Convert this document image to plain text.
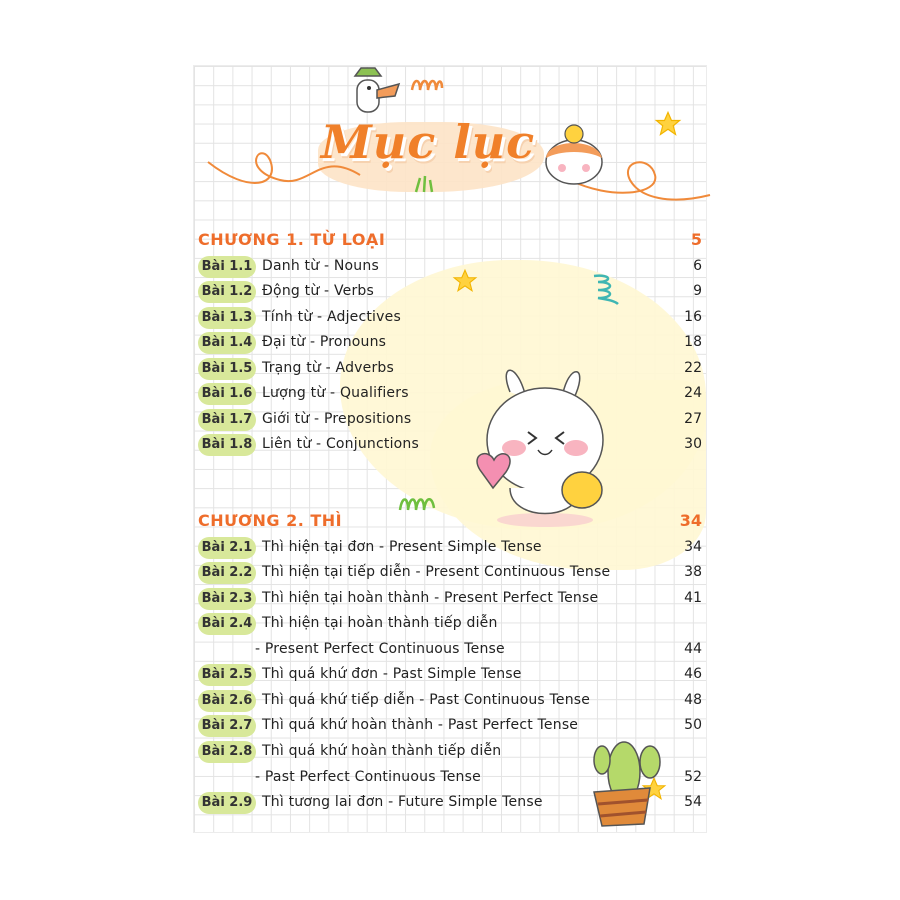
Mục lục
CHƯƠNG 1. TỪ LOẠI	5
Bài 1.1 Danh từ - Nouns	6
Bài 1.2 Động từ - Verbs	9
Bài 1.3 Tính từ - Adjectives	16
Bài 1.4 Đại từ - Pronouns	18
Bài 1.5 Trạng từ - Adverbs	22
Bài 1.6 Lượng từ - Qualifiers	24
Bài 1.7 Giới từ - Prepositions	27
Bài 1.8 Liên từ - Conjunctions	30
CHƯƠNG 2. THÌ	34
Bài 2.1 Thì hiện tại đơn - Present Simple Tense	34
Bài 2.2 Thì hiện tại tiếp diễn - Present Continuous Tense	38
Bài 2.3 Thì hiện tại hoàn thành - Present Perfect Tense	41
Bài 2.4 Thì hiện tại hoàn thành tiếp diễn
- Present Perfect Continuous Tense	44
Bài 2.5 Thì quá khứ đơn - Past Simple Tense	46
Bài 2.6 Thì quá khứ tiếp diễn - Past Continuous Tense	48
Bài 2.7 Thì quá khứ hoàn thành - Past Perfect Tense	50
Bài 2.8 Thì quá khứ hoàn thành tiếp diễn
- Past Perfect Continuous Tense	52
Bài 2.9 Thì tương lai đơn - Future Simple Tense	54
